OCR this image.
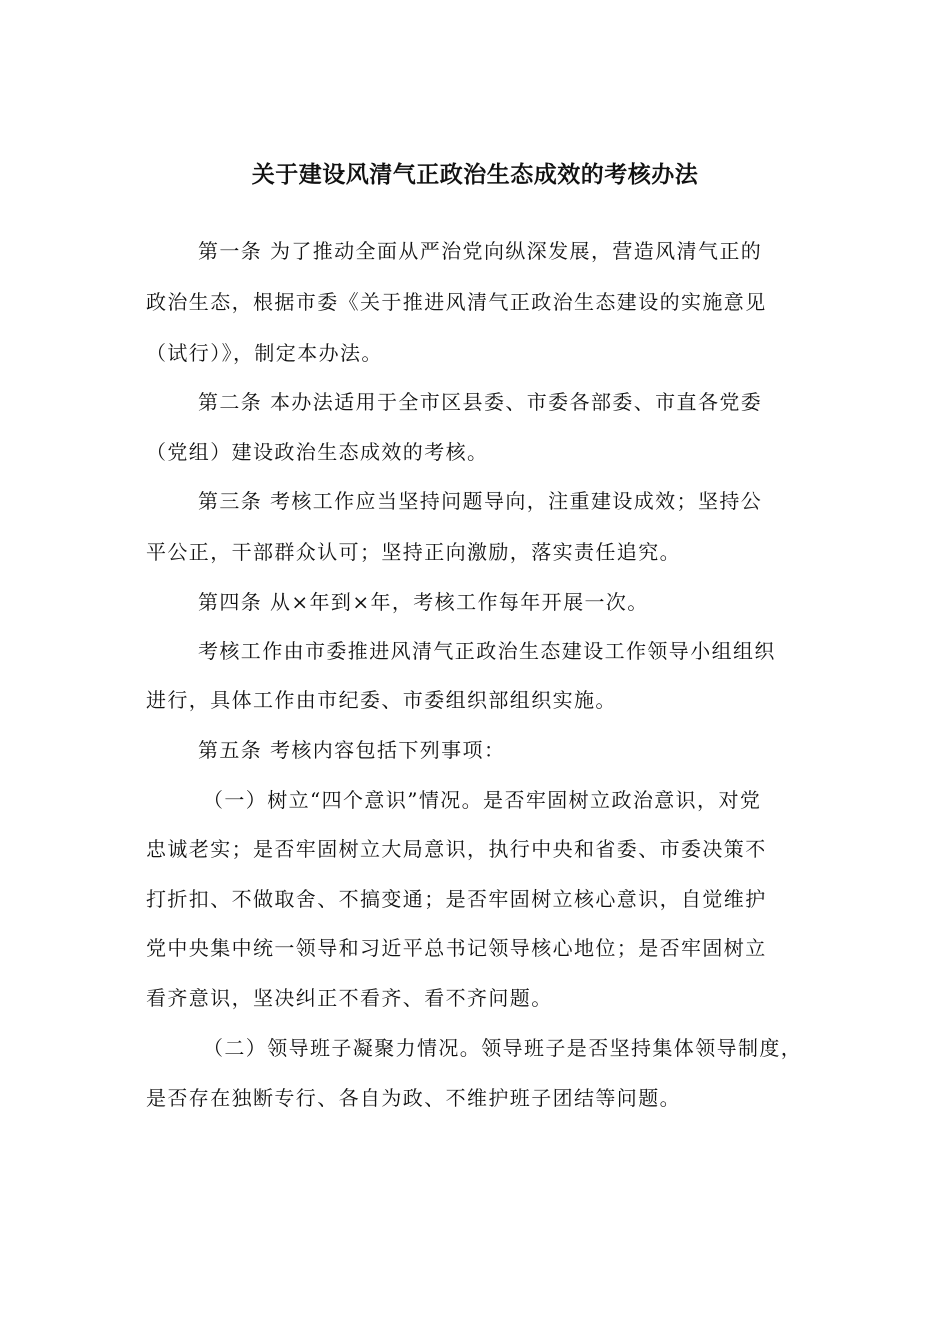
关于建设风清气正政治生态成效的考核办法

第一条 为了推动全面从严治党向纵深发展，营造风清气正的

政治生态，根据市委《关于推进风清气正政治生态建设的实施意见

（试行）》，制定本办法。

第二条 本办法适用于全市区县委、市委各部委、市直各党委

（党组）建设政治生态成效的考核。

第三条 考核工作应当坚持问题导向，注重建设成效；坚持公

平公正，干部群众认可；坚持正向激励，落实责任追究。

第四条 从×年到×年，考核工作每年开展一次。

考核工作由市委推进风清气正政治生态建设工作领导小组组织

进行，具体工作由市纪委、市委组织部组织实施。

第五条 考核内容包括下列事项：

（一）树立“四个意识”情况。是否牢固树立政治意识，对党

忠诚老实；是否牢固树立大局意识，执行中央和省委、市委决策不

打折扣、不做取舍、不搞变通；是否牢固树立核心意识，自觉维护

党中央集中统一领导和习近平总书记领导核心地位；是否牢固树立

看齐意识，坚决纠正不看齐、看不齐问题。

（二）领导班子凝聚力情况。领导班子是否坚持集体领导制度，

是否存在独断专行、各自为政、不维护班子团结等问题。
